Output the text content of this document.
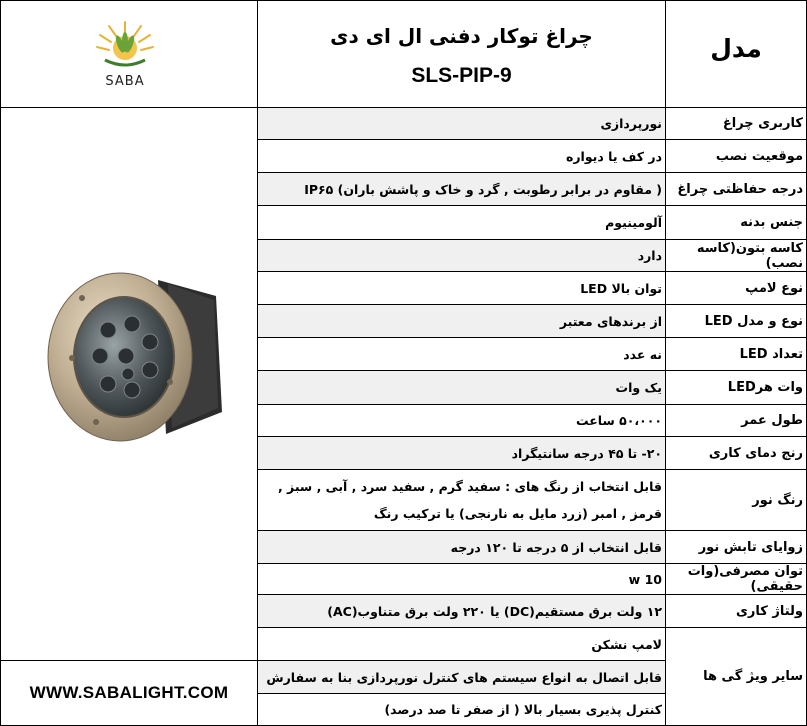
SABA
چراغ توکار دفنی ال ای دی
SLS-PIP-9
مدل
کاربری چراغ
موقعیت نصب
درجه حفاظتی چراغ
جنس بدنه
کاسه بتون(کاسه نصب)
نوع لامپ
نوع و مدل LED
تعداد LED
وات هرLED
طول عمر
رنج دمای کاری
رنگ نور
زوایای تابش نور
توان مصرفی(وات حقیقی)
ولتاژ کاری
سایر ویژ گی ها
نورپردازی
در کف یا دیواره
( مقاوم در برابر رطوبت , گرد و خاک و پاشش باران) IP۶۵
آلومینیوم
دارد
توان بالا LED
از برندهای معتبر
نه عدد
یک وات
۵۰،۰۰۰ ساعت
۲۰- تا ۴۵ درجه سانتیگراد
قابل انتخاب از رنگ های : سفید گرم , سفید سرد , آبی , سبز ,
قرمز , امبر (زرد مایل به نارنجی) یا ترکیب رنگ
قابل انتخاب از ۵ درجه تا ۱۲۰ درجه
10 w
۱۲ ولت برق مستقیم(DC) یا ۲۲۰ ولت برق متناوب(AC)
لامپ نشکن
قابل اتصال به انواع سیستم های کنترل نورپردازی بنا به سفارش
کنترل پذیری بسیار بالا ( از صفر تا صد درصد)
WWW.SABALIGHT.COM
